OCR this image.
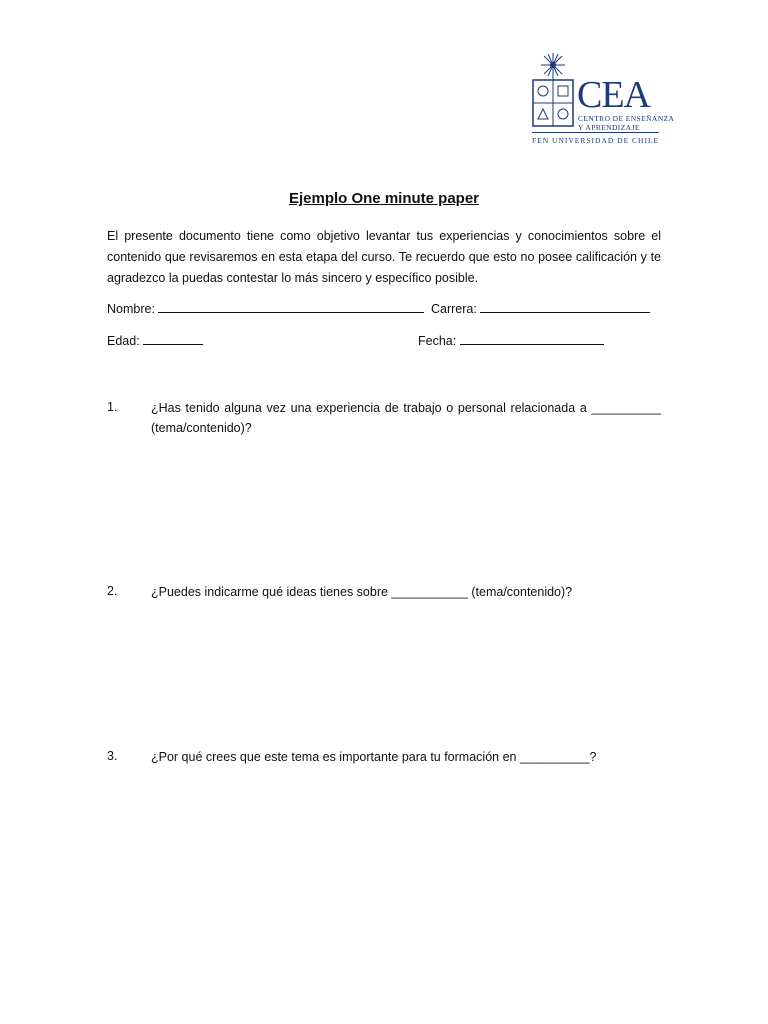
CEA
CENTRO DE ENSEÑANZA
Y APRENDIZAJE
FEN UNIVERSIDAD DE CHILE
Ejemplo One minute paper
El presente documento tiene como objetivo levantar tus experiencias y conocimientos sobre el contenido que revisaremos en esta etapa del curso. Te recuerdo que esto no posee calificación y te agradezco la puedas contestar lo más sincero y específico posible.
Nombre:	Carrera:
Edad:	Fecha:
1.	¿Has tenido alguna vez una experiencia de trabajo o personal relacionada a __________ (tema/contenido)?
2.	¿Puedes indicarme qué ideas tienes sobre ___________ (tema/contenido)?
3.	¿Por qué crees que este tema es importante para tu formación en __________?
